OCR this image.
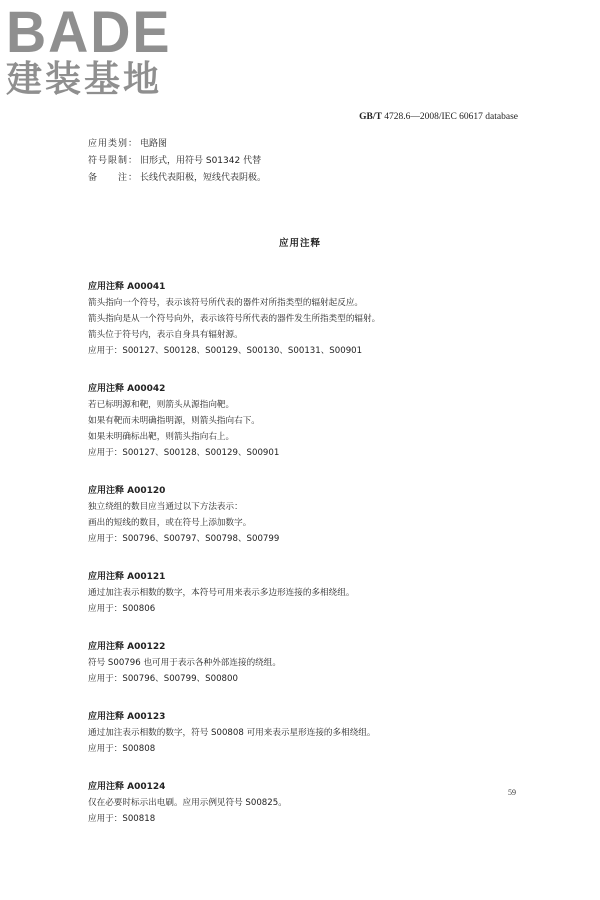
BADE
建装基地
GB/T 4728.6—2008/IEC 60617 database
应用类别： 电路图
符号限制： 旧形式，用符号 S01342 代替
备　　注： 长线代表阳极，短线代表阴极。
应用注释
应用注释 A00041
箭头指向一个符号，表示该符号所代表的器件对所指类型的辐射起反应。
箭头指向是从一个符号向外，表示该符号所代表的器件发生所指类型的辐射。
箭头位于符号内，表示自身具有辐射源。
应用于：S00127、S00128、S00129、S00130、S00131、S00901
应用注释 A00042
若已标明源和靶，则箭头从源指向靶。
如果有靶而未明确指明源，则箭头指向右下。
如果未明确标出靶，则箭头指向右上。
应用于：S00127、S00128、S00129、S00901
应用注释 A00120
独立绕组的数目应当通过以下方法表示：
画出的短线的数目，或在符号上添加数字。
应用于：S00796、S00797、S00798、S00799
应用注释 A00121
通过加注表示相数的数字，本符号可用来表示多边形连接的多相绕组。
应用于：S00806
应用注释 A00122
符号 S00796 也可用于表示各种外部连接的绕组。
应用于：S00796、S00799、S00800
应用注释 A00123
通过加注表示相数的数字，符号 S00808 可用来表示星形连接的多相绕组。
应用于：S00808
应用注释 A00124
仅在必要时标示出电刷。应用示例见符号 S00825。
应用于：S00818
59
